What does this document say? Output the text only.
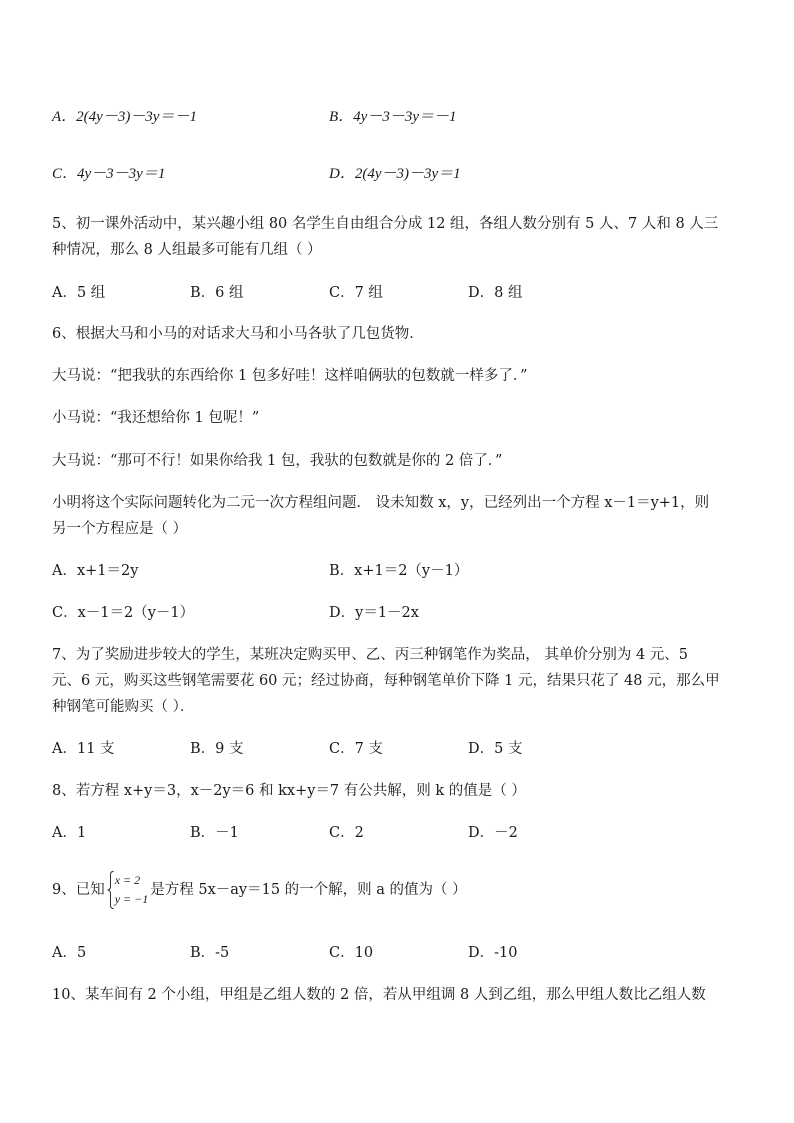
A．2(4y－3)－3y＝－1	B．4y－3－3y＝－1
C．4y－3－3y＝1	D．2(4y－3)－3y＝1
5、初一课外活动中，某兴趣小组 80 名学生自由组合分成 12 组，各组人数分别有 5 人、7 人和 8 人三
种情况，那么 8 人组最多可能有几组（ ）
A．5 组	B．6 组	C．7 组	D．8 组
6、根据大马和小马的对话求大马和小马各驮了几包货物．
大马说：“把我驮的东西给你 1 包多好哇！这样咱俩驮的包数就一样多了．”
小马说：“我还想给你 1 包呢！”
大马说：“那可不行！如果你给我 1 包，我驮的包数就是你的 2 倍了．”
小明将这个实际问题转化为二元一次方程组问题． 设未知数 x，y，已经列出一个方程 x－1＝y+1，则
另一个方程应是（ ）
A．x+1＝2y	B．x+1＝2（y－1）
C．x－1＝2（y－1）	D．y＝1－2x
7、为了奖励进步较大的学生，某班决定购买甲、乙、丙三种钢笔作为奖品， 其单价分别为 4 元、5
元、6 元，购买这些钢笔需要花 60 元；经过协商，每种钢笔单价下降 1 元，结果只花了 48 元，那么甲
种钢笔可能购买（ ）．
A．11 支	B．9 支	C．7 支	D．5 支
8、若方程 x+y＝3，x－2y＝6 和 kx+y＝7 有公共解，则 k 的值是（ ）
A．1	B．－1	C．2	D．－2
9、已知
x = 2
y = −1
是方程 5x－ay＝15 的一个解，则 a 的值为（ ）
A．5	B．-5	C．10	D．-10
10、某车间有 2 个小组，甲组是乙组人数的 2 倍，若从甲组调 8 人到乙组，那么甲组人数比乙组人数
